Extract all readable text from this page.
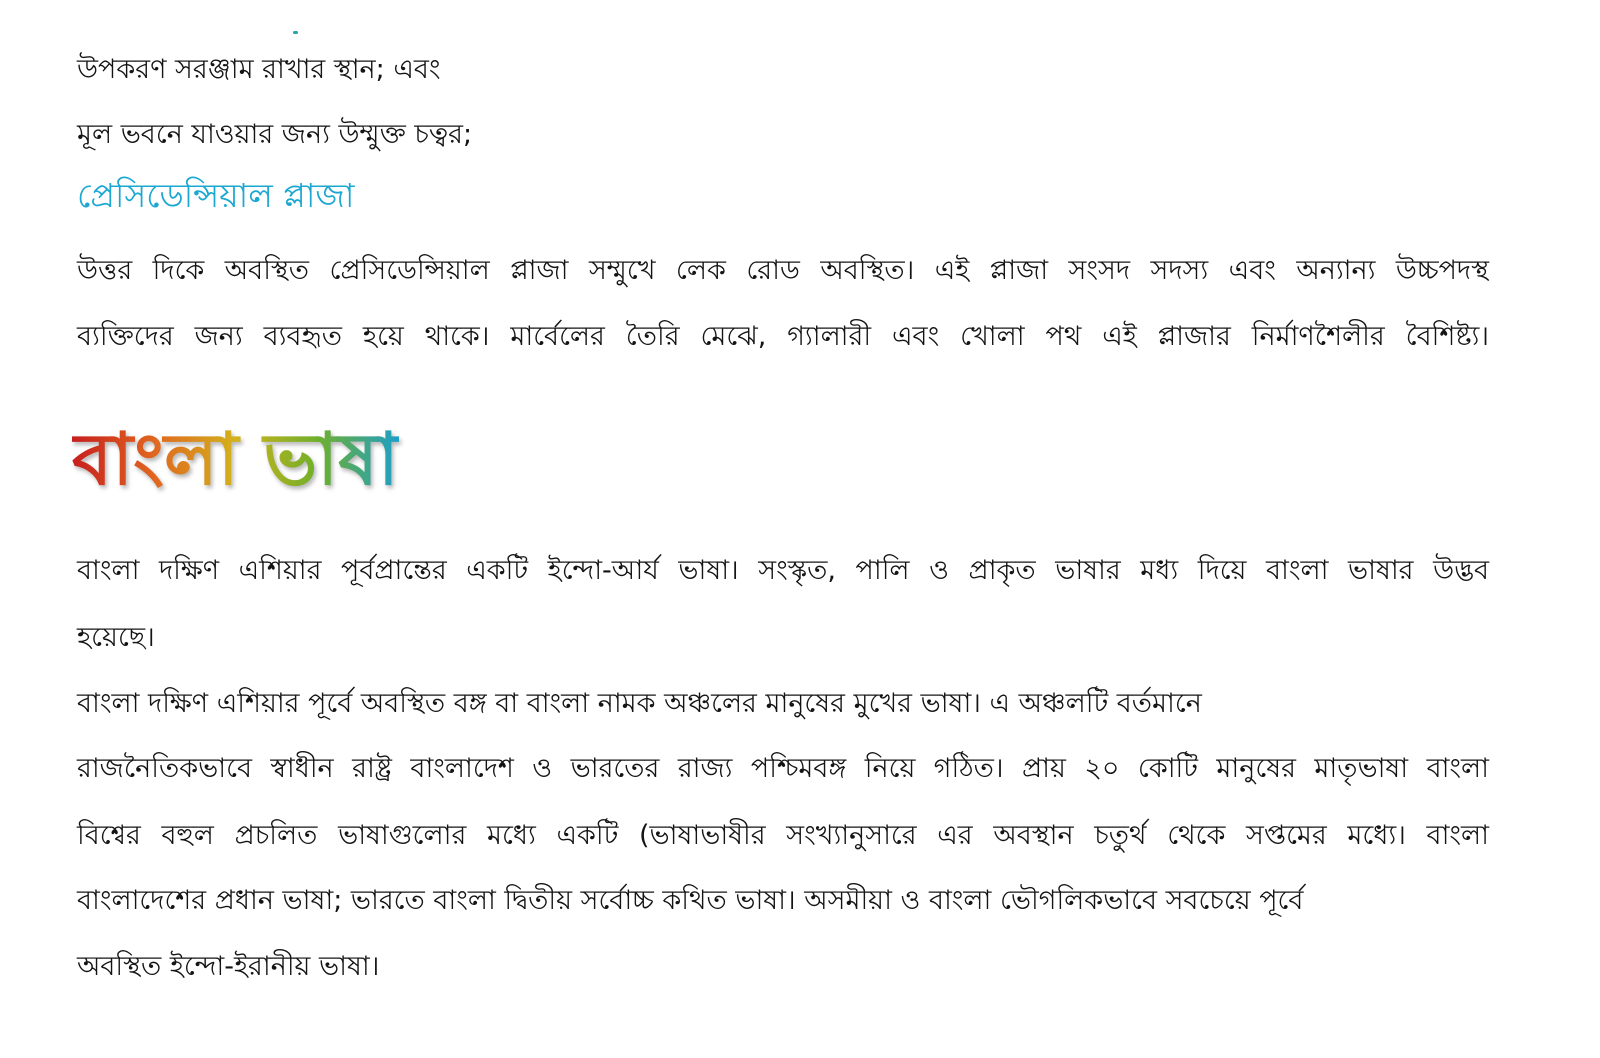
উপকরণ সরঞ্জাম রাখার স্থান; এবং

মূল ভবনে যাওয়ার জন্য উম্মুক্ত চত্বর;

প্রেসিডেন্সিয়াল প্লাজা

উত্তর দিকে অবস্থিত প্রেসিডেন্সিয়াল প্লাজা সম্মুখে লেক রোড অবস্থিত। এই প্লাজা সংসদ সদস্য এবং অন্যান্য উচ্চপদস্থ

ব্যক্তিদের জন্য ব্যবহৃত হয়ে থাকে। মার্বেলের তৈরি মেঝে, গ্যালারী এবং খোলা পথ এই প্লাজার নির্মাণশৈলীর বৈশিষ্ট্য।

বাংলা ভাষা

বাংলা দক্ষিণ এশিয়ার পূর্বপ্রান্তের একটি ইন্দো-আর্য ভাষা। সংস্কৃত, পালি ও প্রাকৃত ভাষার মধ্য দিয়ে বাংলা ভাষার উদ্ভব

হয়েছে।

বাংলা দক্ষিণ এশিয়ার পূর্বে অবস্থিত বঙ্গ বা বাংলা নামক অঞ্চলের মানুষের মুখের ভাষা। এ অঞ্চলটি বর্তমানে

রাজনৈতিকভাবে স্বাধীন রাষ্ট্র বাংলাদেশ ও ভারতের রাজ্য পশ্চিমবঙ্গ নিয়ে গঠিত। প্রায় ২০ কোটি মানুষের মাতৃভাষা বাংলা

বিশ্বের বহুল প্রচলিত ভাষাগুলোর মধ্যে একটি (ভাষাভাষীর সংখ্যানুসারে এর অবস্থান চতুর্থ থেকে সপ্তমের মধ্যে। বাংলা

বাংলাদেশের প্রধান ভাষা; ভারতে বাংলা দ্বিতীয় সর্বোচ্চ কথিত ভাষা। অসমীয়া ও বাংলা ভৌগলিকভাবে সবচেয়ে পূর্বে

অবস্থিত ইন্দো-ইরানীয় ভাষা।
